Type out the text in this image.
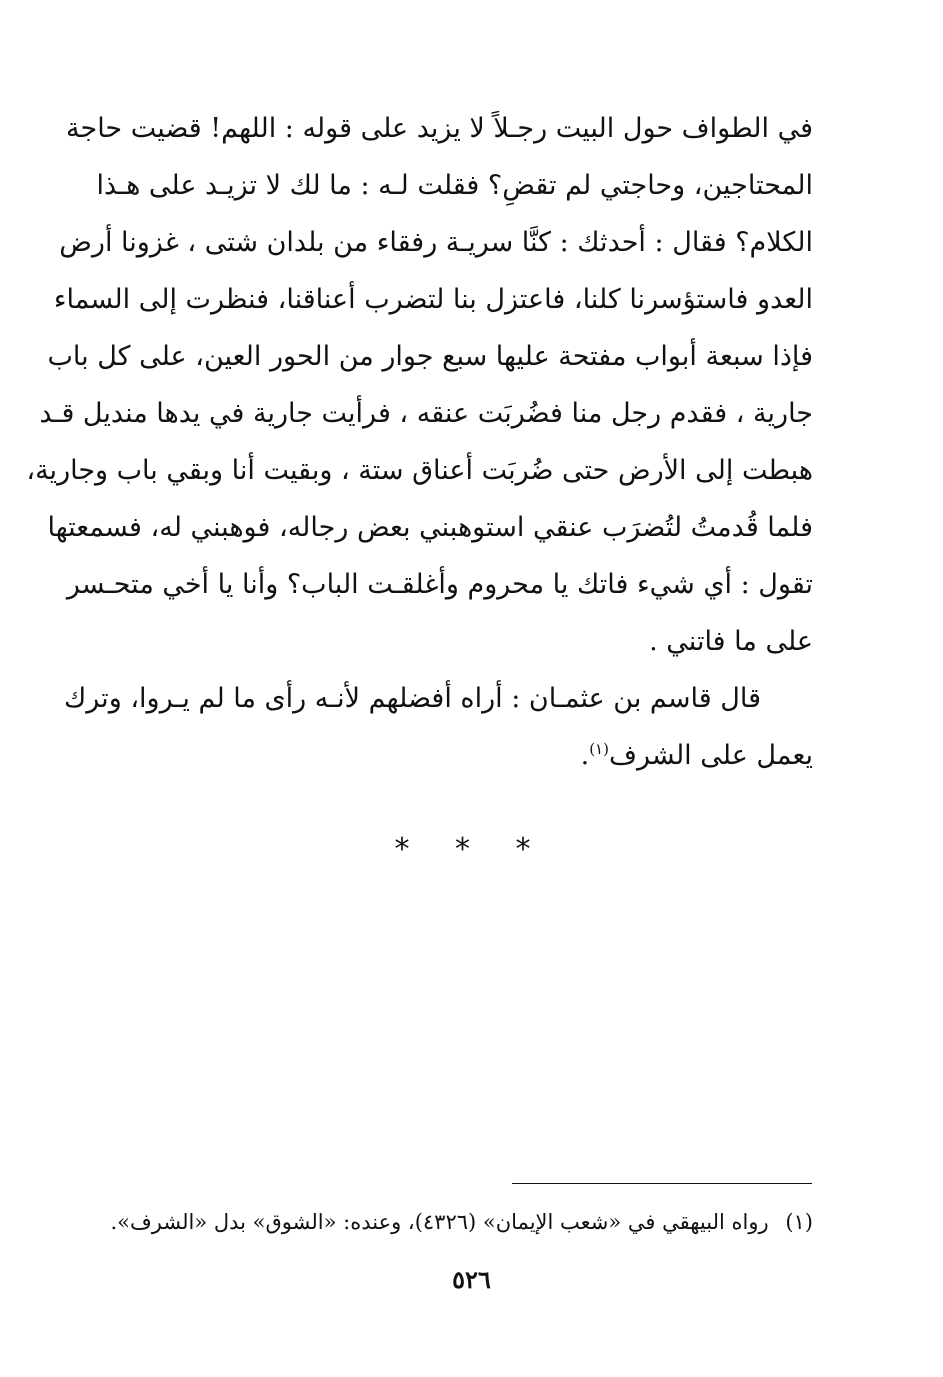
في الطواف حول البيت رجـلاً لا يزيد على قوله : اللهم! قضيت حاجة
المحتاجين، وحاجتي لم تقضِ؟ فقلت لـه : ما لك لا تزيـد على هـذا
الكلام؟ فقال : أحدثك : كنَّا سريـة رفقاء من بلدان شتى ، غزونا أرض
العدو فاستؤسرنا كلنا، فاعتزل بنا لتضرب أعناقنا، فنظرت إلى السماء
فإذا سبعة أبواب مفتحة عليها سبع جوار من الحور العين، على كل باب
جارية ، فقدم رجل منا فضُربَت عنقه ، فرأيت جارية في يدها منديل قـد
هبطت إلى الأرض حتى ضُربَت أعناق ستة ، وبقيت أنا وبقي باب وجارية،
فلما قُدمتُ لتُضرَب عنقي استوهبني بعض رجاله، فوهبني له، فسمعتها
تقول : أي شيء فاتك يا محروم وأغلقـت الباب؟ وأنا يا أخي متحـسر
على ما فاتني .

قال قاسم بن عثمـان : أراه أفضلهم لأنـه رأى ما لم يـروا، وترك
يعمل على الشرف$^{(١)}$.

* * *
(١) رواه البيهقي في «شعب الإيمان» (٤٣٢٦)، وعنده: «الشوق» بدل «الشرف».
٥٢٦
